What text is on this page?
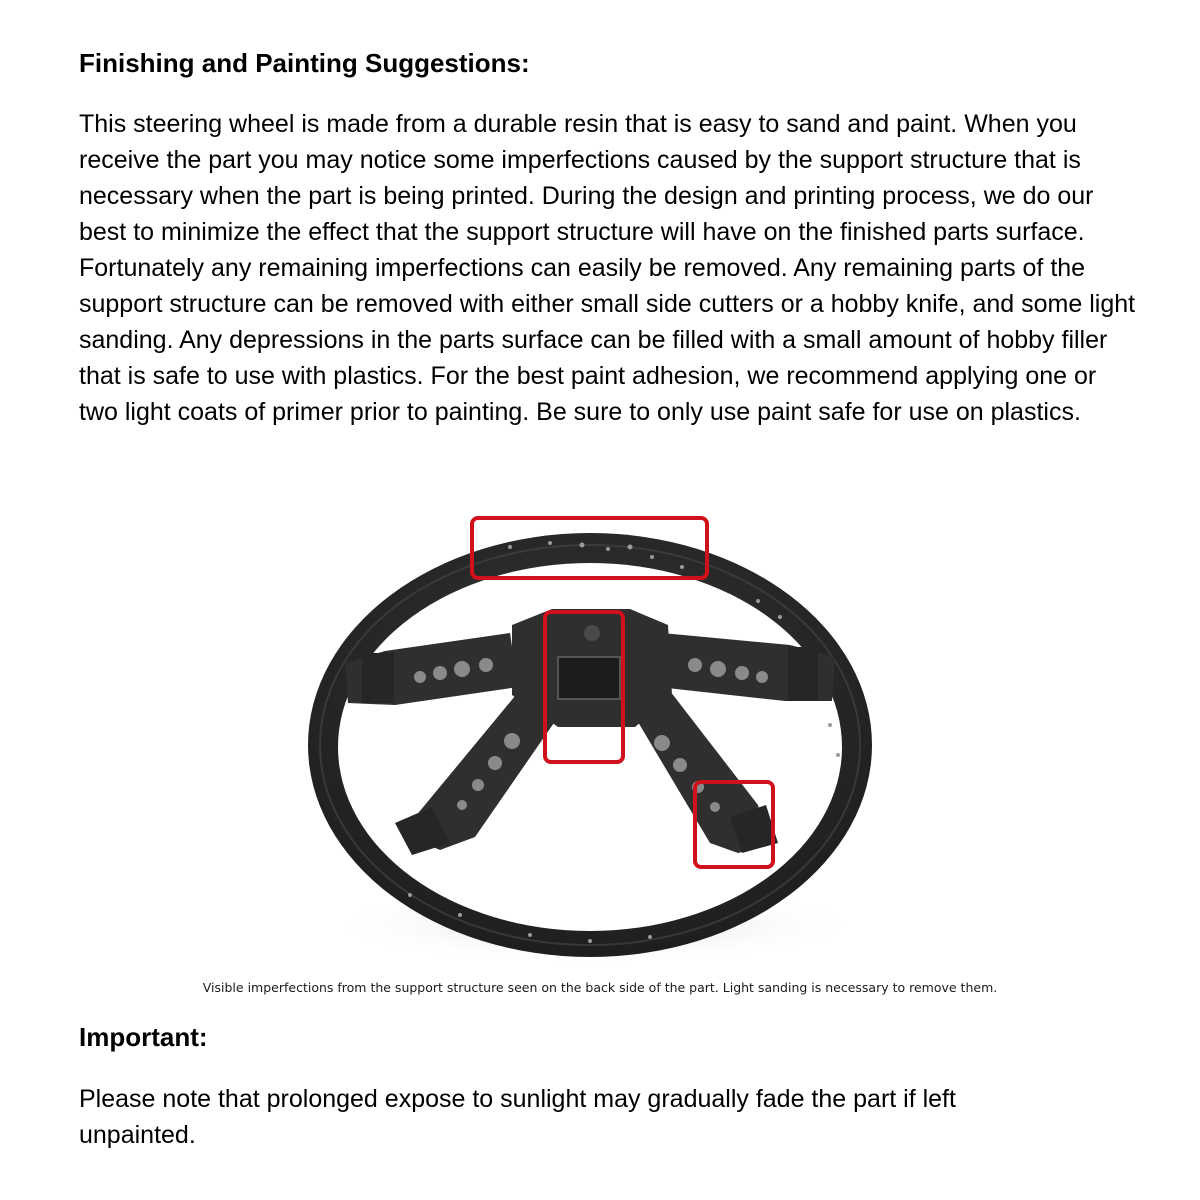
Finishing and Painting Suggestions:

This steering wheel is made from a durable resin that is easy to sand and paint. When you receive the part you may notice some imperfections caused by the support structure that is necessary when the part is being printed. During the design and printing process, we do our best to minimize the effect that the support structure will have on the finished parts surface. Fortunately any remaining imperfections can easily be removed. Any remaining parts of the support structure can be removed with either small side cutters or a hobby knife, and some light sanding. Any depressions in the parts surface can be filled with a small amount of hobby filler that is safe to use with plastics. For the best paint adhesion, we recommend applying one or two light coats of primer prior to painting. Be sure to only use paint safe for use on plastics.

Visible imperfections from the support structure seen on the back side of the part. Light sanding is necessary to remove them.

Important:

Please note that prolonged expose to sunlight may gradually fade the part if left unpainted.
